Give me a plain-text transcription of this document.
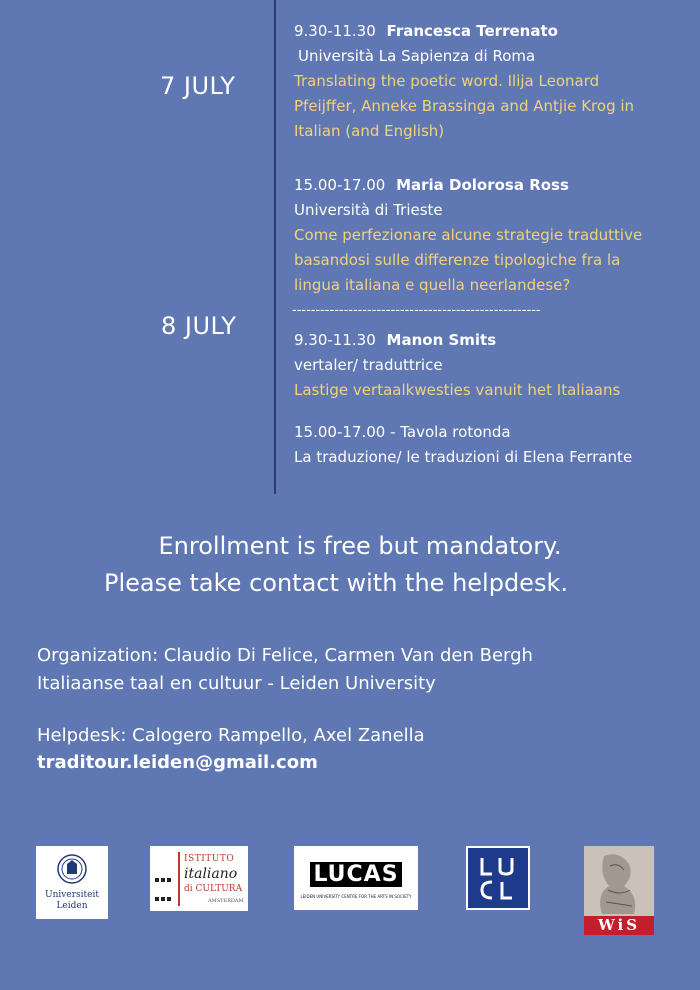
7 JULY
8 JULY
9.30-11.30 Francesca Terrenato
Università La Sapienza di Roma
Translating the poetic word. Ilija Leonard
Pfeijffer, Anneke Brassinga and Antjie Krog in
Italian (and English)
15.00-17.00 Maria Dolorosa Ross
Università di Trieste
Come perfezionare alcune strategie traduttive
basandosi sulle differenze tipologiche fra la
lingua italiana e quella neerlandese?
-----------------------------------------------------
9.30-11.30 Manon Smits
vertaler/ traduttrice
Lastige vertaalkwesties vanuit het Italiaans
15.00-17.00 - Tavola rotonda
La traduzione/ le traduzioni di Elena Ferrante
Enrollment is free but mandatory.
Please take contact with the helpdesk.
Organization: Claudio Di Felice, Carmen Van den Bergh
Italiaanse taal en cultuur - Leiden University
Helpdesk: Calogero Rampello, Axel Zanella
traditour.leiden@gmail.com
Universiteit
Leiden

ISTITUTO
italiano
di CULTURA
AMSTERDAM
LUCAS
LEIDEN UNIVERSITY CENTRE FOR THE ARTS IN SOCIETY
WiS
